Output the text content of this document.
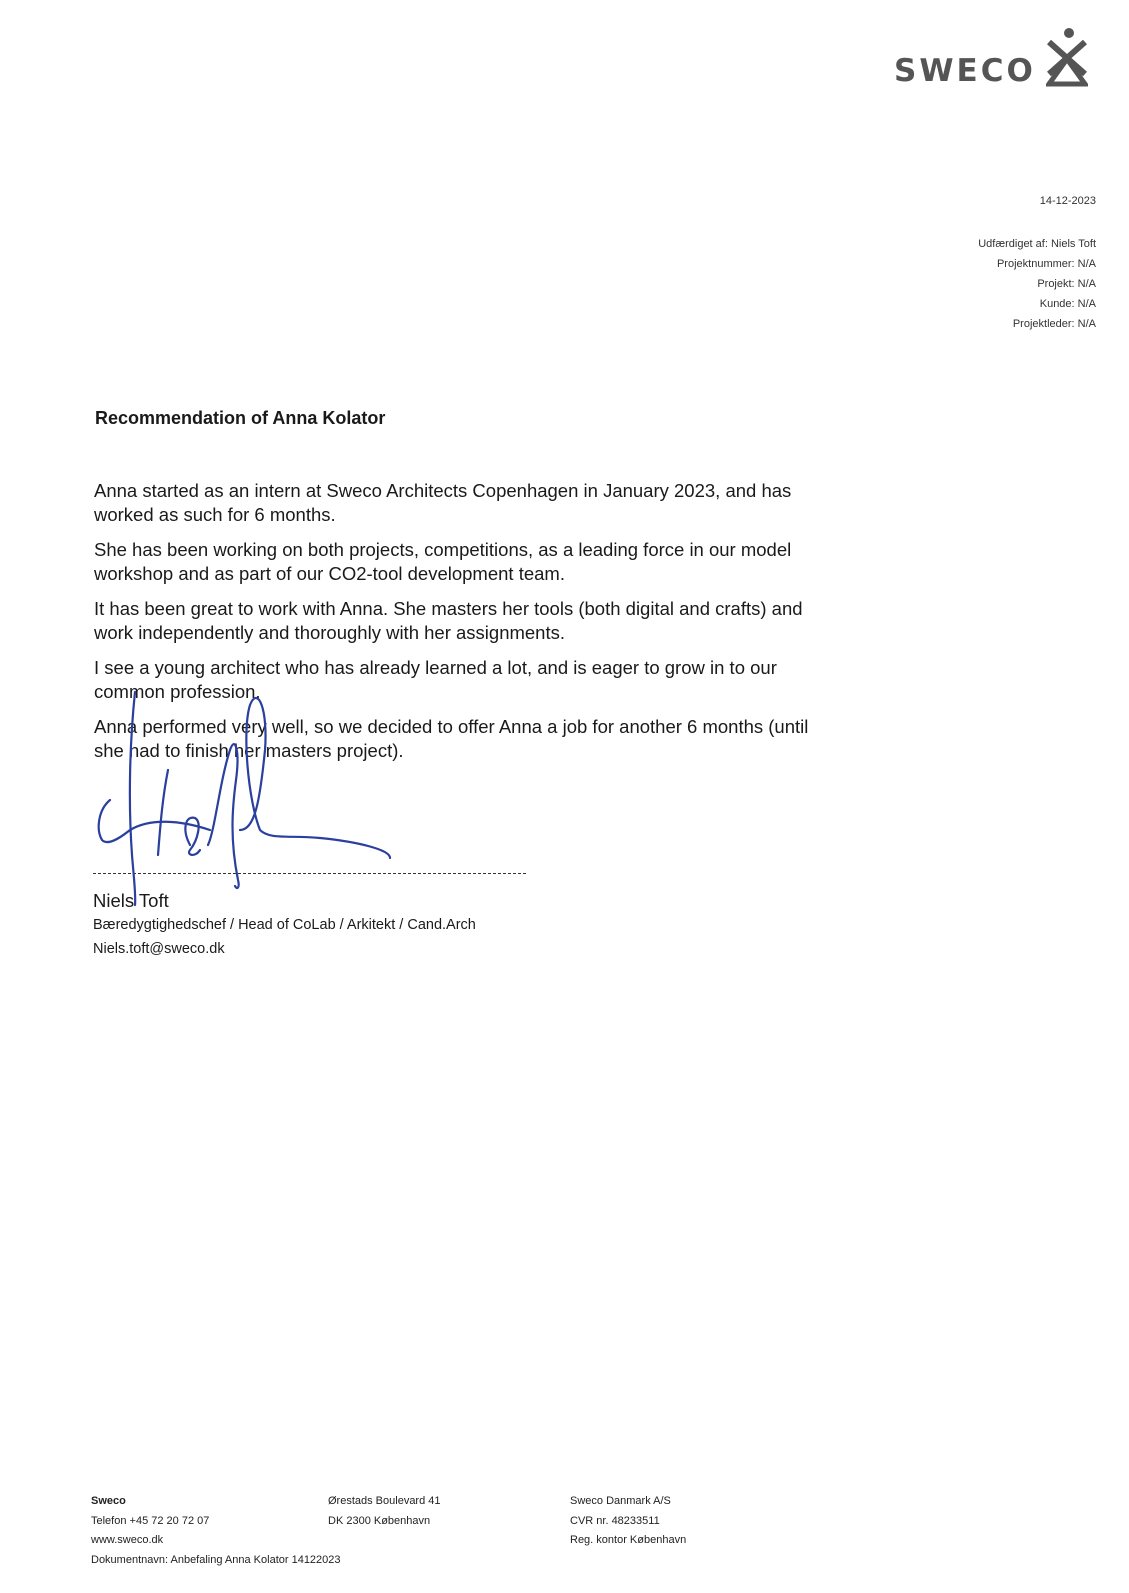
SWECO
14-12-2023
Udfærdiget af: Niels Toft
Projektnummer: N/A
Projekt: N/A
Kunde: N/A
Projektleder: N/A
Recommendation of Anna Kolator

Anna started as an intern at Sweco Architects Copenhagen in January 2023, and has worked as such for 6 months.

She has been working on both projects, competitions, as a leading force in our model workshop and as part of our CO2-tool development team.

It has been great to work with Anna. She masters her tools (both digital and crafts) and work independently and thoroughly with her assignments.

I see a young architect who has already learned a lot, and is eager to grow in to our common profession.

Anna performed very well, so we decided to offer Anna a job for another 6 months (until she had to finish her masters project).

Niels Toft
Bæredygtighedschef / Head of CoLab / Arkitekt / Cand.Arch
Niels.toft@sweco.dk
Sweco
Telefon +45 72 20 72 07
www.sweco.dk
Dokumentnavn: Anbefaling Anna Kolator 14122023
Ørestads Boulevard 41
DK 2300 København
Sweco Danmark A/S
CVR nr. 48233511
Reg. kontor København
